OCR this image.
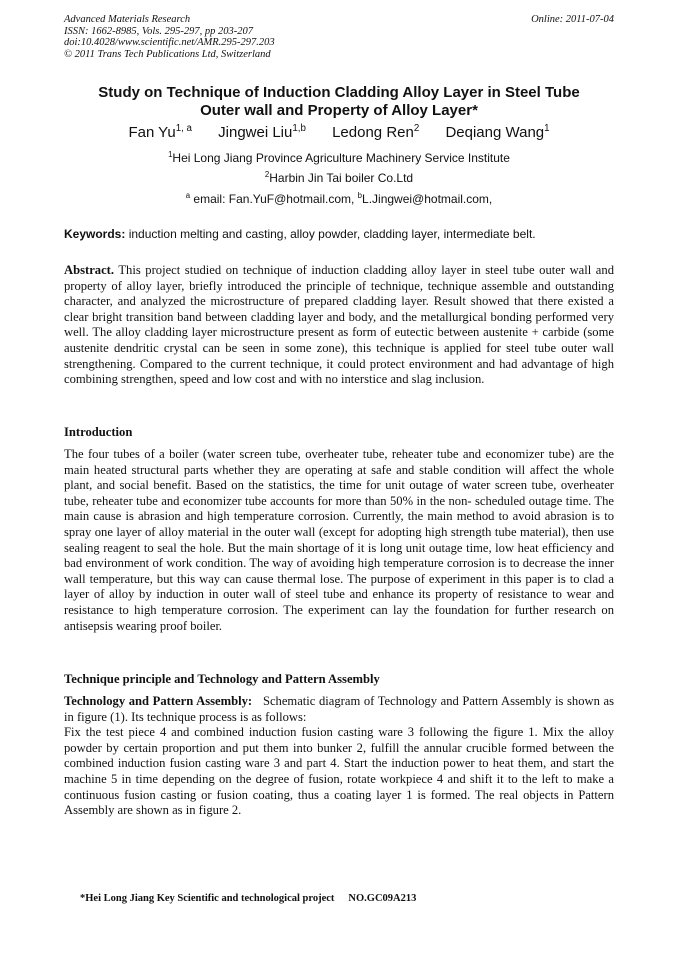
Advanced Materials Research
ISSN: 1662-8985, Vols. 295-297, pp 203-207
doi:10.4028/www.scientific.net/AMR.295-297.203
© 2011 Trans Tech Publications Ltd, Switzerland
Online: 2011-07-04
Study on Technique of Induction Cladding Alloy Layer in Steel Tube
Outer wall and Property of Alloy Layer*
Fan Yu$^{1, a}$ Jingwei Liu$^{1,b}$ Ledong Ren$^2$ Deqiang Wang$^1$
$^1$Hei Long Jiang Province Agriculture Machinery Service Institute
$^2$Harbin Jin Tai boiler Co.Ltd
$^a$ email: Fan.YuF@hotmail.com, $^b$L.Jingwei@hotmail.com,
Keywords: induction melting and casting, alloy powder, cladding layer, intermediate belt.
Abstract. This project studied on technique of induction cladding alloy layer in steel tube outer wall and property of alloy layer, briefly introduced the principle of technique, technique assemble and outstanding character, and analyzed the microstructure of prepared cladding layer. Result showed that there existed a clear bright transition band between cladding layer and body, and the metallurgical bonding performed very well. The alloy cladding layer microstructure present as form of eutectic between austenite + carbide (some austenite dendritic crystal can be seen in some zone), this technique is applied for steel tube outer wall strengthening. Compared to the current technique, it could protect environment and had advantage of high combining strengthen, speed and low cost and with no interstice and slag inclusion.
Introduction
The four tubes of a boiler (water screen tube, overheater tube, reheater tube and economizer tube) are the main heated structural parts whether they are operating at safe and stable condition will affect the whole plant, and social benefit. Based on the statistics, the time for unit outage of water screen tube, overheater tube, reheater tube and economizer tube accounts for more than 50% in the non- scheduled outage time. The main cause is abrasion and high temperature corrosion. Currently, the main method to avoid abrasion is to spray one layer of alloy material in the outer wall (except for adopting high strength tube material), then use sealing reagent to seal the hole. But the main shortage of it is long unit outage time, low heat efficiency and bad environment of work condition. The way of avoiding high temperature corrosion is to decrease the inner wall temperature, but this way can cause thermal lose. The purpose of experiment in this paper is to clad a layer of alloy by induction in outer wall of steel tube and enhance its property of resistance to wear and resistance to high temperature corrosion. The experiment can lay the foundation for further research on antisepsis wearing proof boiler.
Technique principle and Technology and Pattern Assembly
Technology and Pattern Assembly: Schematic diagram of Technology and Pattern Assembly is shown as in figure (1). Its technique process is as follows:
Fix the test piece 4 and combined induction fusion casting ware 3 following the figure 1. Mix the alloy powder by certain proportion and put them into bunker 2, fulfill the annular crucible formed between the combined induction fusion casting ware 3 and part 4. Start the induction power to heat them, and start the machine 5 in time depending on the degree of fusion, rotate workpiece 4 and shift it to the left to make a continuous fusion casting or fusion coating, thus a coating layer 1 is formed. The real objects in Pattern Assembly are shown as in figure 2.
*Hei Long Jiang Key Scientific and technological project NO.GC09A213
